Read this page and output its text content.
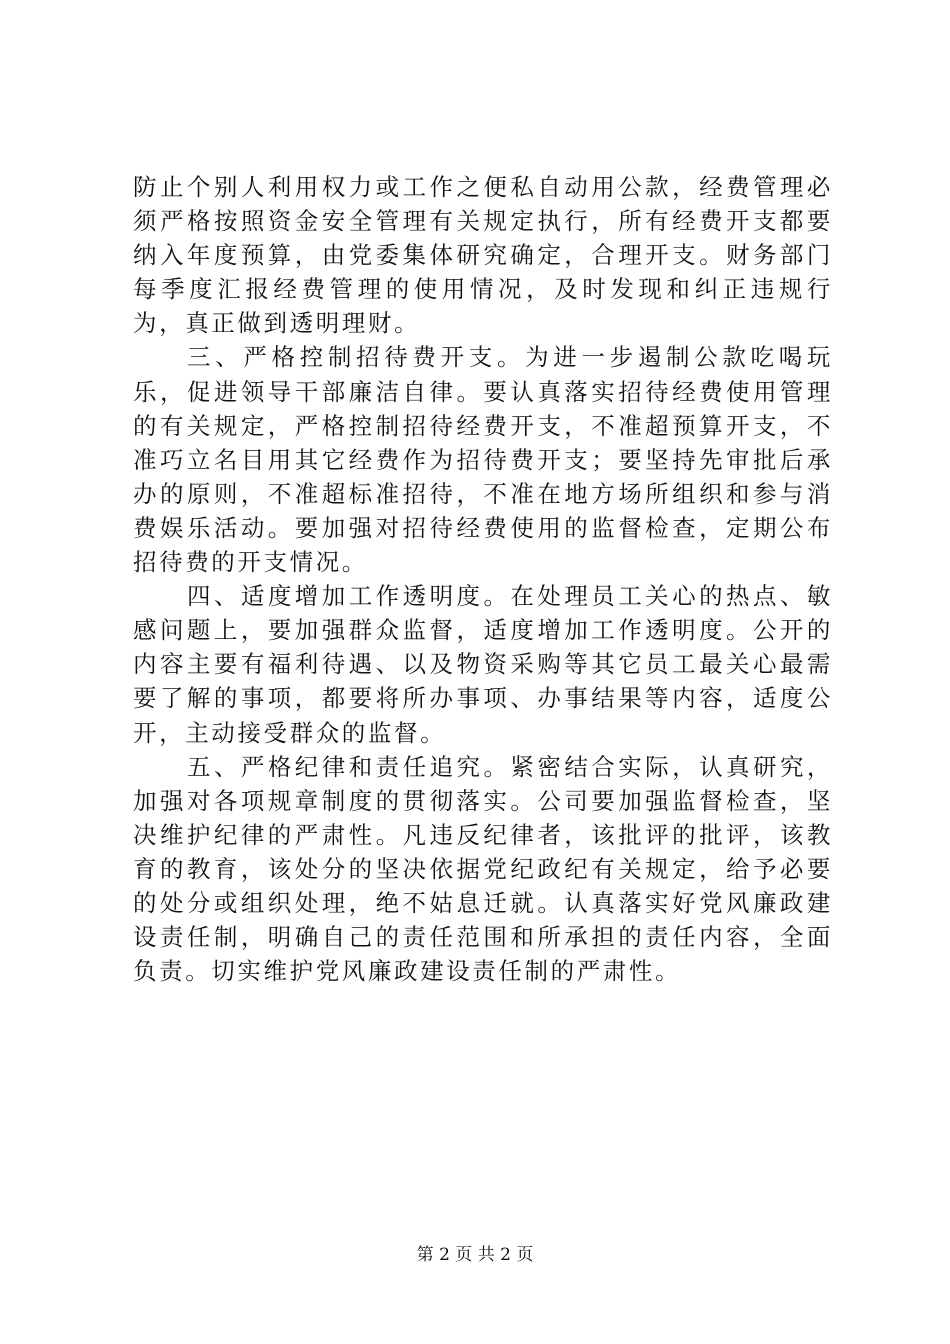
防止个别人利用权力或工作之便私自动用公款，经费管理必须严格按照资金安全管理有关规定执行，所有经费开支都要纳入年度预算，由党委集体研究确定，合理开支。财务部门每季度汇报经费管理的使用情况，及时发现和纠正违规行为，真正做到透明理财。

三、严格控制招待费开支。为进一步遏制公款吃喝玩乐，促进领导干部廉洁自律。要认真落实招待经费使用管理的有关规定，严格控制招待经费开支，不准超预算开支，不准巧立名目用其它经费作为招待费开支；要坚持先审批后承办的原则，不准超标准招待，不准在地方场所组织和参与消费娱乐活动。要加强对招待经费使用的监督检查，定期公布招待费的开支情况。

四、适度增加工作透明度。在处理员工关心的热点、敏感问题上，要加强群众监督，适度增加工作透明度。公开的内容主要有福利待遇、以及物资采购等其它员工最关心最需要了解的事项，都要将所办事项、办事结果等内容，适度公开，主动接受群众的监督。

五、严格纪律和责任追究。紧密结合实际，认真研究，加强对各项规章制度的贯彻落实。公司要加强监督检查，坚决维护纪律的严肃性。凡违反纪律者，该批评的批评，该教育的教育，该处分的坚决依据党纪政纪有关规定，给予必要的处分或组织处理，绝不姑息迁就。认真落实好党风廉政建设责任制，明确自己的责任范围和所承担的责任内容，全面负责。切实维护党风廉政建设责任制的严肃性。

第 2 页 共 2 页
